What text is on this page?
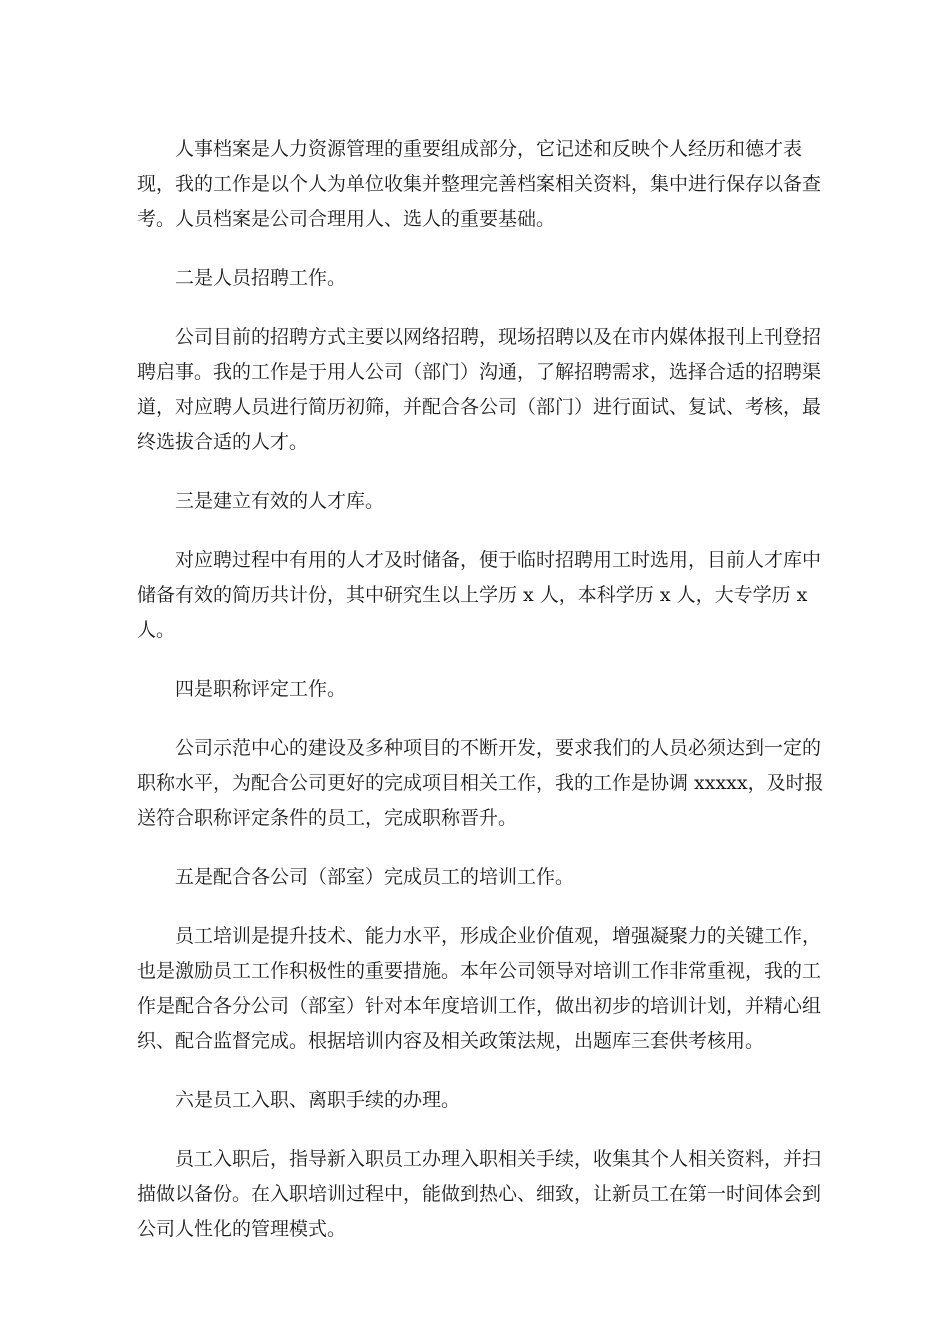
人事档案是人力资源管理的重要组成部分，它记述和反映个人经历和德才表现，我的工作是以个人为单位收集并整理完善档案相关资料，集中进行保存以备查考。人员档案是公司合理用人、选人的重要基础。

二是人员招聘工作。

公司目前的招聘方式主要以网络招聘，现场招聘以及在市内媒体报刊上刊登招聘启事。我的工作是于用人公司（部门）沟通，了解招聘需求，选择合适的招聘渠道，对应聘人员进行简历初筛，并配合各公司（部门）进行面试、复试、考核，最终选拔合适的人才。

三是建立有效的人才库。

对应聘过程中有用的人才及时储备，便于临时招聘用工时选用，目前人才库中储备有效的简历共计份，其中研究生以上学历 x 人，本科学历 x 人，大专学历 x 人。

四是职称评定工作。

公司示范中心的建设及多种项目的不断开发，要求我们的人员必须达到一定的职称水平，为配合公司更好的完成项目相关工作，我的工作是协调 xxxxx，及时报送符合职称评定条件的员工，完成职称晋升。

五是配合各公司（部室）完成员工的培训工作。

员工培训是提升技术、能力水平，形成企业价值观，增强凝聚力的关键工作，也是激励员工工作积极性的重要措施。本年公司领导对培训工作非常重视，我的工作是配合各分公司（部室）针对本年度培训工作，做出初步的培训计划，并精心组织、配合监督完成。根据培训内容及相关政策法规，出题库三套供考核用。

六是员工入职、离职手续的办理。

员工入职后，指导新入职员工办理入职相关手续，收集其个人相关资料，并扫描做以备份。在入职培训过程中，能做到热心、细致，让新员工在第一时间体会到公司人性化的管理模式。
